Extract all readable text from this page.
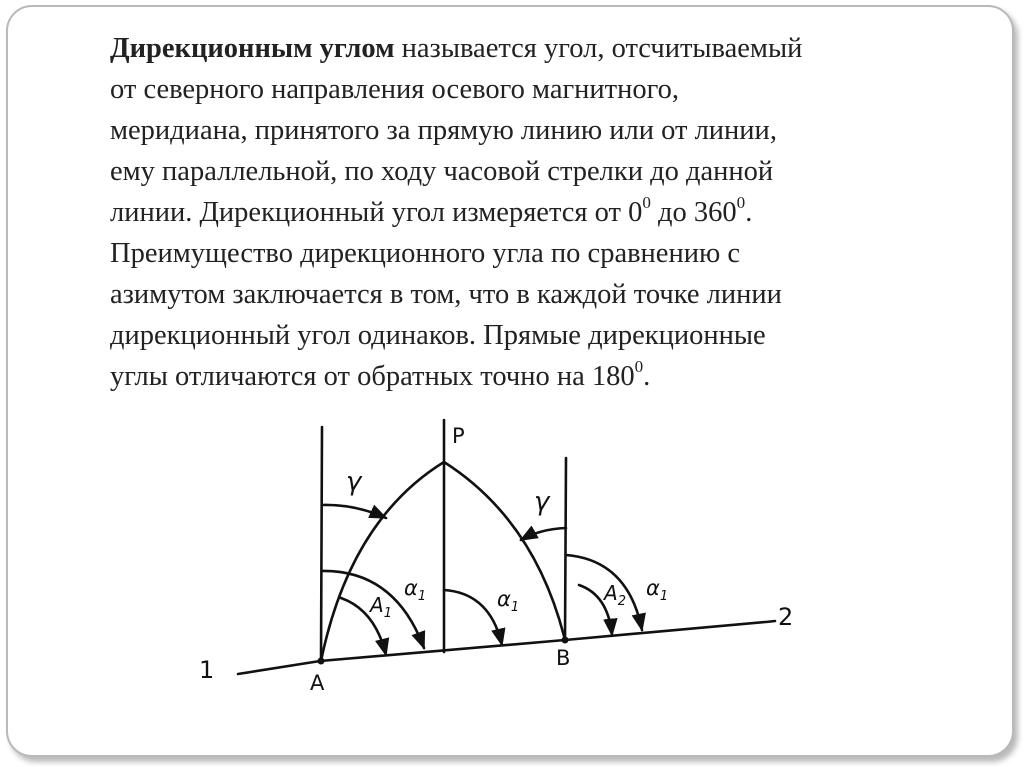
Дирекционным углом называется угол, отсчитываемый
от северного направления осевого магнитного,
меридиана, принятого за прямую линию или от линии,
ему параллельной, по ходу часовой стрелки до данной
линии. Дирекционный угол измеряется от $0^0$ до $360^0$.
Преимущество дирекционного угла по сравнению с
азимутом заключается в том, что в каждой точке линии
дирекционный угол одинаков. Прямые дирекционные
углы отличаются от обратных точно на $180^0$.
P
A
B
1
2
γ
γ
$A_1$
$A_2$
$\alpha_1$	$\alpha_1$
$\alpha_1$
